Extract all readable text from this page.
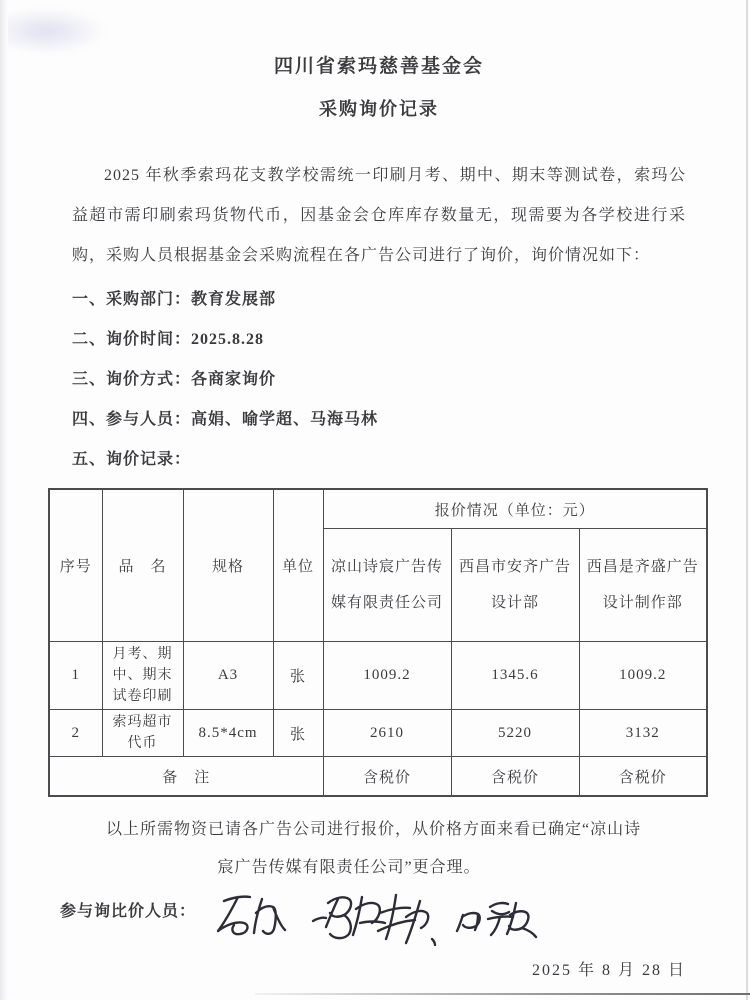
四川省索玛慈善基金会
采购询价记录
2025 年秋季索玛花支教学校需统一印刷月考、期中、期末等测试卷，索玛公益超市需印刷索玛货物代币，因基金会仓库库存数量无，现需要为各学校进行采购，采购人员根据基金会采购流程在各广告公司进行了询价，询价情况如下：
一、采购部门：教育发展部
二、询价时间：2025.8.28
三、询价方式：各商家询价
四、参与人员：高娟、喻学超、马海马林
五、询价记录：
序号	品　名	规格	单位	报价情况（单位：元）		
				凉山诗宸广告传媒有限责任公司	西昌市安齐广告设计部	西昌是齐盛广告设计制作部
1	月考、期中、期末试卷印刷	A3	张	1009.2	1345.6	1009.2
2	索玛超市代币	8.5*4cm	张	2610	5220	3132
备　注				含税价	含税价	含税价
以上所需物资已请各广告公司进行报价，从价格方面来看已确定“凉山诗
宸广告传媒有限责任公司”更合理。
参与询比价人员：
2025 年 8 月 28 日
